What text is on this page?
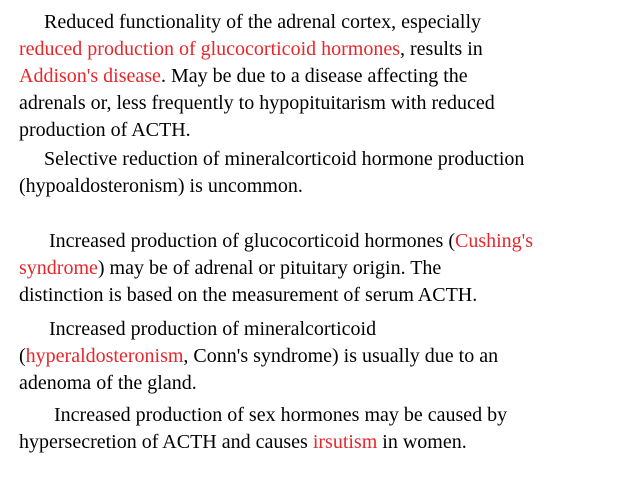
Reduced functionality of the adrenal cortex, especially
reduced production of glucocorticoid hormones, results in
Addison's disease. May be due to a disease affecting the
adrenals or, less frequently to hypopituitarism with reduced
production of ACTH.

Selective reduction of mineralcorticoid hormone production
(hypoaldosteronism) is uncommon.

Increased production of glucocorticoid hormones (Cushing's
syndrome) may be of adrenal or pituitary origin. The
distinction is based on the measurement of serum ACTH.

Increased production of mineralcorticoid
(hyperaldosteronism, Conn's syndrome) is usually due to an
adenoma of the gland.

Increased production of sex hormones may be caused by
hypersecretion of ACTH and causes irsutism in women.
